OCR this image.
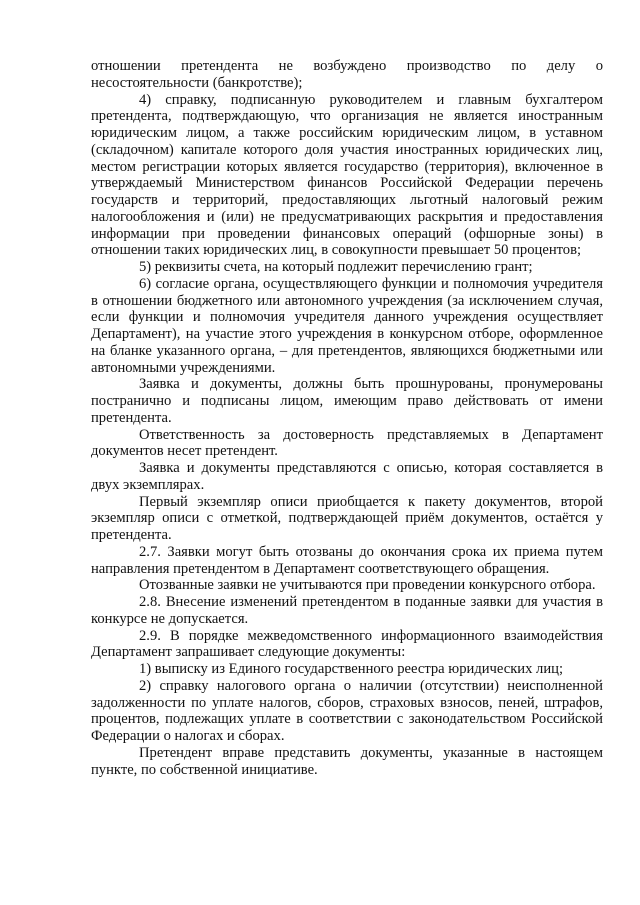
отношении претендента не возбуждено производство по делу о несостоятельности (банкротстве);

4) справку, подписанную руководителем и главным бухгалтером претендента, подтверждающую, что организация не является иностранным юридическим лицом, а также российским юридическим лицом, в уставном (складочном) капитале которого доля участия иностранных юридических лиц, местом регистрации которых является государство (территория), включенное в утверждаемый Министерством финансов Российской Федерации перечень государств и территорий, предоставляющих льготный налоговый режим налогообложения и (или) не предусматривающих раскрытия и предоставления информации при проведении финансовых операций (офшорные зоны) в отношении таких юридических лиц, в совокупности превышает 50 процентов;

5) реквизиты счета, на который подлежит перечислению грант;

6) согласие органа, осуществляющего функции и полномочия учредителя в отношении бюджетного или автономного учреждения (за исключением случая, если функции и полномочия учредителя данного учреждения осуществляет Департамент), на участие этого учреждения в конкурсном отборе, оформленное на бланке указанного органа, – для претендентов, являющихся бюджетными или автономными учреждениями.

Заявка и документы, должны быть прошнурованы, пронумерованы постранично и подписаны лицом, имеющим право действовать от имени претендента.

Ответственность за достоверность представляемых в Департамент документов несет претендент.

Заявка и документы представляются с описью, которая составляется в двух экземплярах.

Первый экземпляр описи приобщается к пакету документов, второй экземпляр описи с отметкой, подтверждающей приём документов, остаётся у претендента.

2.7. Заявки могут быть отозваны до окончания срока их приема путем направления претендентом в Департамент соответствующего обращения.

Отозванные заявки не учитываются при проведении конкурсного отбора.

2.8. Внесение изменений претендентом в поданные заявки для участия в конкурсе не допускается.

2.9. В порядке межведомственного информационного взаимодействия Департамент запрашивает следующие документы:

1) выписку из Единого государственного реестра юридических лиц;

2) справку налогового органа о наличии (отсутствии) неисполненной задолженности по уплате налогов, сборов, страховых взносов, пеней, штрафов, процентов, подлежащих уплате в соответствии с законодательством Российской Федерации о налогах и сборах.

Претендент вправе представить документы, указанные в настоящем пункте, по собственной инициативе.
